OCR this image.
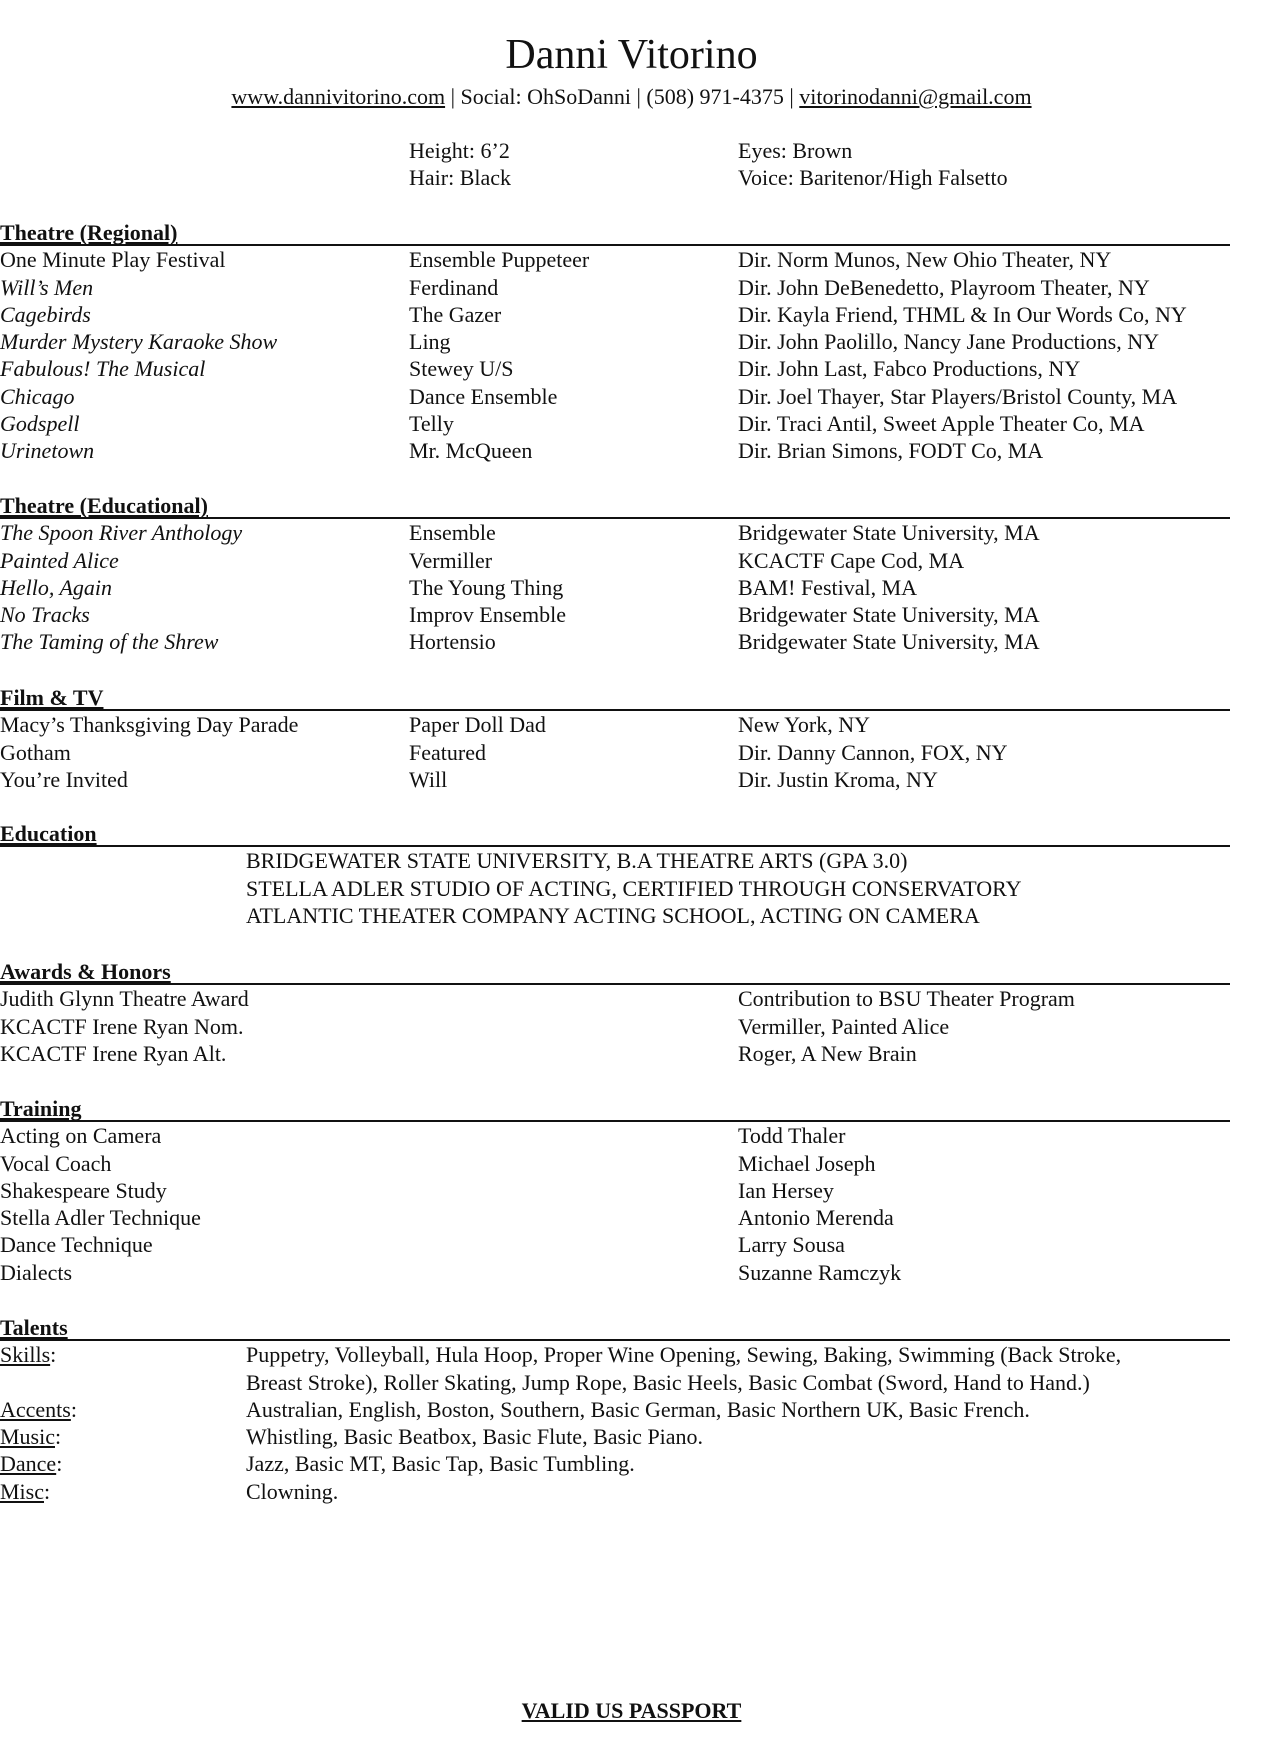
Danni Vitorino
www.dannivitorino.com | Social: OhSoDanni | (508) 971-4375 | vitorinodanni@gmail.com
Height: 6’2	Eyes: Brown
Hair: Black	Voice: Baritenor/High Falsetto
Theatre (Regional)
One Minute Play Festival	Ensemble Puppeteer	Dir. Norm Munos, New Ohio Theater, NY
Will’s Men	Ferdinand	Dir. John DeBenedetto, Playroom Theater, NY
Cagebirds	The Gazer	Dir. Kayla Friend, THML & In Our Words Co, NY
Murder Mystery Karaoke Show	Ling	Dir. John Paolillo, Nancy Jane Productions, NY
Fabulous! The Musical	Stewey U/S	Dir. John Last, Fabco Productions, NY
Chicago	Dance Ensemble	Dir. Joel Thayer, Star Players/Bristol County, MA
Godspell	Telly	Dir. Traci Antil, Sweet Apple Theater Co, MA
Urinetown	Mr. McQueen	Dir. Brian Simons, FODT Co, MA
Theatre (Educational)
The Spoon River Anthology	Ensemble	Bridgewater State University, MA
Painted Alice	Vermiller	KCACTF Cape Cod, MA
Hello, Again	The Young Thing	BAM! Festival, MA
No Tracks	Improv Ensemble	Bridgewater State University, MA
The Taming of the Shrew	Hortensio	Bridgewater State University, MA
Film & TV
Macy’s Thanksgiving Day Parade	Paper Doll Dad	New York, NY
Gotham	Featured	Dir. Danny Cannon, FOX, NY
You’re Invited	Will	Dir. Justin Kroma, NY
Education
BRIDGEWATER STATE UNIVERSITY, B.A THEATRE ARTS (GPA 3.0)
STELLA ADLER STUDIO OF ACTING, CERTIFIED THROUGH CONSERVATORY
ATLANTIC THEATER COMPANY ACTING SCHOOL, ACTING ON CAMERA
Awards & Honors
Judith Glynn Theatre Award	Contribution to BSU Theater Program
KCACTF Irene Ryan Nom.	Vermiller, Painted Alice
KCACTF Irene Ryan Alt.	Roger, A New Brain
Training
Acting on Camera	Todd Thaler
Vocal Coach	Michael Joseph
Shakespeare Study	Ian Hersey
Stella Adler Technique	Antonio Merenda
Dance Technique	Larry Sousa
Dialects	Suzanne Ramczyk
Talents
Skills:	Puppetry, Volleyball, Hula Hoop, Proper Wine Opening, Sewing, Baking, Swimming (Back Stroke,
Breast Stroke), Roller Skating, Jump Rope, Basic Heels, Basic Combat (Sword, Hand to Hand.)
Accents:	Australian, English, Boston, Southern, Basic German, Basic Northern UK, Basic French.
Music:	Whistling, Basic Beatbox, Basic Flute, Basic Piano.
Dance:	Jazz, Basic MT, Basic Tap, Basic Tumbling.
Misc:	Clowning.
VALID US PASSPORT
